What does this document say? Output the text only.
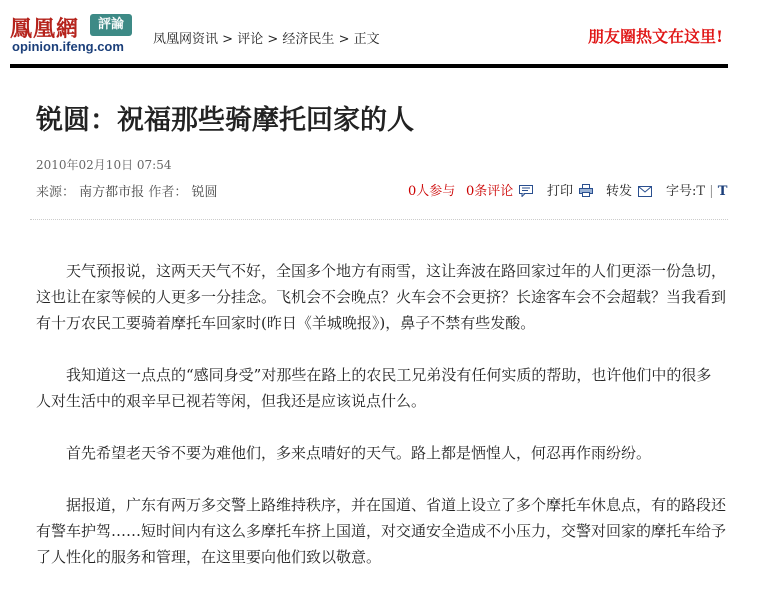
鳳凰網	評論
opinion.ifeng.com 凤凰网资讯 > 评论 > 经济民生 > 正文	朋友圈热文在这里!
锐圆：祝福那些骑摩托回家的人
2010年02月10日 07:54
来源： 南方都市报 作者： 锐圆	0人参与 0条评论	打印	转发	字号:T | T

天气预报说，这两天天气不好，全国多个地方有雨雪，这让奔波在路回家过年的人们更添一份急切，这也让在家等候的人更多一分挂念。飞机会不会晚点？火车会不会更挤？长途客车会不会超载？当我看到有十万农民工要骑着摩托车回家时(昨日《羊城晚报》)，鼻子不禁有些发酸。

我知道这一点点的“感同身受”对那些在路上的农民工兄弟没有任何实质的帮助，也许他们中的很多人对生活中的艰辛早已视若等闲，但我还是应该说点什么。

首先希望老天爷不要为难他们，多来点晴好的天气。路上都是恓惶人，何忍再作雨纷纷。

据报道，广东有两万多交警上路维持秩序，并在国道、省道上设立了多个摩托车休息点，有的路段还有警车护驾……短时间内有这么多摩托车挤上国道，对交通安全造成不小压力，交警对回家的摩托车给予了人性化的服务和管理，在这里要向他们致以敬意。
